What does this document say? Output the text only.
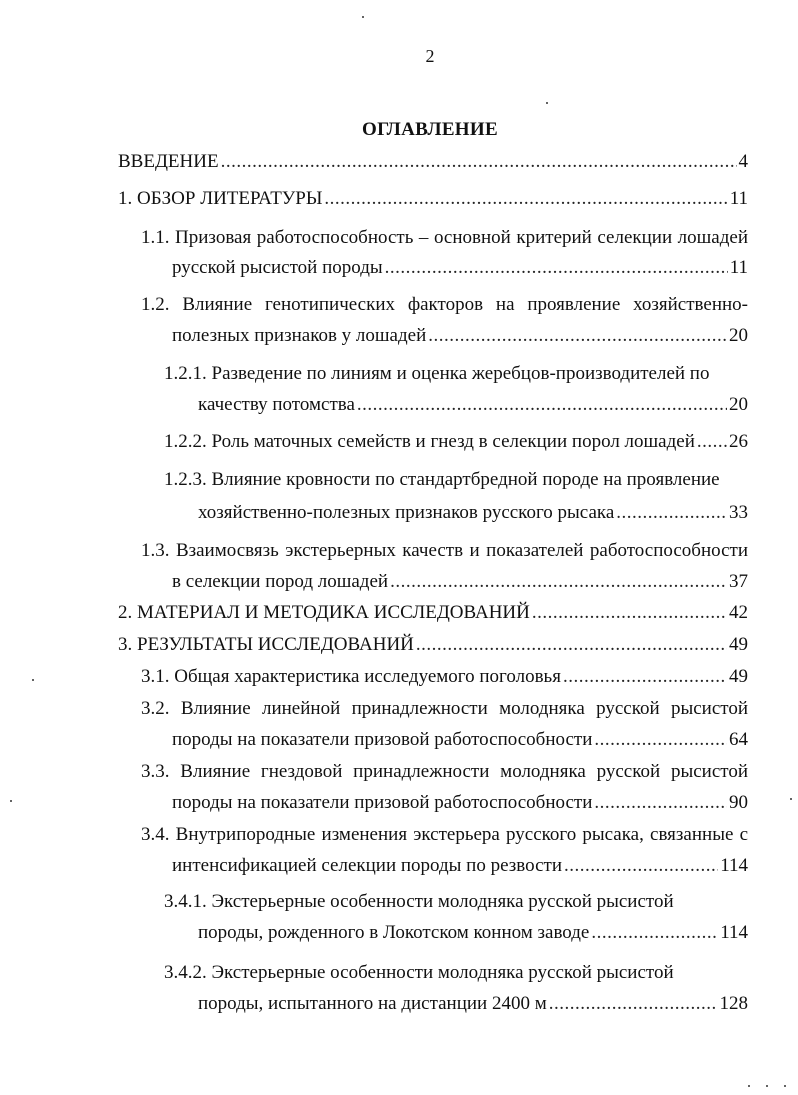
2
ОГЛАВЛЕНИЕ
ВВЕДЕНИЕ .....	4
1. ОБЗОР ЛИТЕРАТУРЫ .....	11
1.1. Призовая работоспособность – основной критерий селекции лошадей
русской рысистой породы .....	11
1.2. Влияние генотипических факторов на проявление хозяйственно-
полезных признаков у лошадей .....	20
1.2.1. Разведение по линиям и оценка жеребцов-производителей по
качеству потомства .....	20
1.2.2. Роль маточных семейств и гнезд в селекции порол лошадей ..... 26
1.2.3. Влияние кровности по стандартбредной породе на проявление
хозяйственно-полезных признаков русского рысака .....	33
1.3. Взаимосвязь экстерьерных качеств и показателей работоспособности
в селекции пород лошадей .....	37
2. МАТЕРИАЛ И МЕТОДИКА ИССЛЕДОВАНИЙ .....	42
3. РЕЗУЛЬТАТЫ ИССЛЕДОВАНИЙ .....	49
3.1. Общая характеристика исследуемого поголовья .....	49
3.2. Влияние линейной принадлежности молодняка русской рысистой
породы на показатели призовой работоспособности .....	64
3.3. Влияние гнездовой принадлежности молодняка русской рысистой
породы на показатели призовой работоспособности .....	90
3.4. Внутрипородные изменения экстерьера русского рысака, связанные с
интенсификацией селекции породы по резвости .....	114
3.4.1. Экстерьерные особенности молодняка русской рысистой
породы, рожденного в Локотском конном заводе .....	114
3.4.2. Экстерьерные особенности молодняка русской рысистой
породы, испытанного на дистанции 2400 м .....	128
